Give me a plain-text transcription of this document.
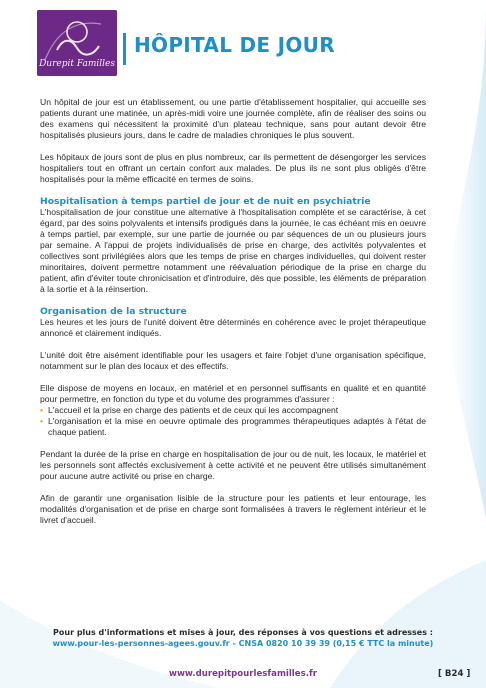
Durepit Familles
HÔPITAL DE JOUR

Un hôpital de jour est un établissement, ou une partie d'établissement hospitalier, qui accueille ses patients durant une matinée, un après-midi voire une journée complète, afin de réaliser des soins ou des examens qui nécessitent la proximité d'un plateau technique, sans pour autant devoir être hospitalisés plusieurs jours, dans le cadre de maladies chroniques le plus souvent.

Les hôpitaux de jours sont de plus en plus nombreux, car ils permettent de désengorger les services hospitaliers tout en offrant un certain confort aux malades. De plus ils ne sont plus obligés d'être hospitalisés pour la même efficacité en termes de soins.

Hospitalisation à temps partiel de jour et de nuit en psychiatrie

L'hospitalisation de jour constitue une alternative à l'hospitalisation complète et se caractérise, à cet égard, par des soins polyvalents et intensifs prodigués dans la journée, le cas échéant mis en oeuvre à temps partiel, par exemple, sur une partie de journée ou par séquences de un ou plusieurs jours par semaine. A l'appui de projets individualisés de prise en charge, des activités polyvalentes et collectives sont privilégiées alors que les temps de prise en charges individuelles, qui doivent rester minoritaires, doivent permettre notamment une réévaluation périodique de la prise en charge du patient, afin d'éviter toute chronicisation et d'introduire, dès que possible, les éléments de préparation à la sortie et à la réinsertion.

Organisation de la structure

Les heures et les jours de l'unité doivent être déterminés en cohérence avec le projet thérapeutique annoncé et clairement indiqués.

L'unité doit être aisément identifiable pour les usagers et faire l'objet d'une organisation spécifique, notamment sur le plan des locaux et des effectifs.

Elle dispose de moyens en locaux, en matériel et en personnel suffisants en qualité et en quantité pour permettre, en fonction du type et du volume des programmes d'assurer :

• L'accueil et la prise en charge des patients et de ceux qui les accompagnent
• L'organisation et la mise en oeuvre optimale des programmes thérapeutiques adaptés à l'état de chaque patient.

Pendant la durée de la prise en charge en hospitalisation de jour ou de nuit, les locaux, le matériel et les personnels sont affectés exclusivement à cette activité et ne peuvent être utilisés simultanément pour aucune autre activité ou prise en charge.

Afin de garantir une organisation lisible de la structure pour les patients et leur entourage, les modalités d'organisation et de prise en charge sont formalisées à travers le règlement intérieur et le livret d'accueil.

Pour plus d'informations et mises à jour, des réponses à vos questions et adresses :
www.pour-les-personnes-agees.gouv.fr - CNSA 0820 10 39 39 (0,15 € TTC la minute)
www.durepitpourlesfamilles.fr	[ B24 ]
